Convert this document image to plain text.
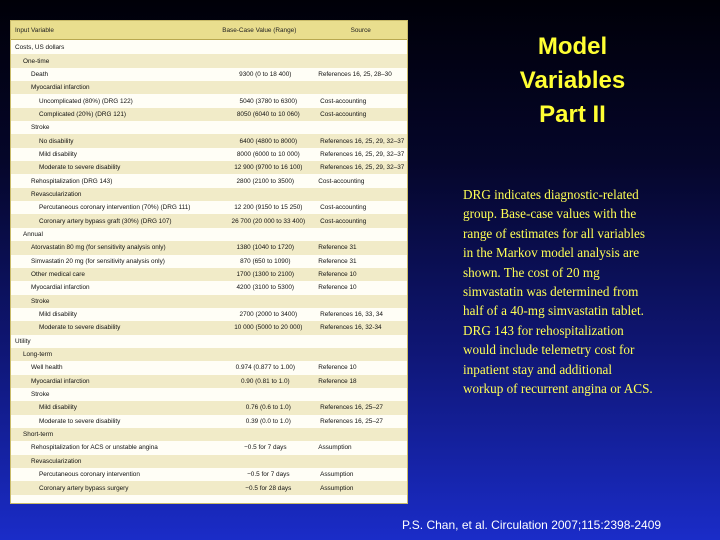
Input Variable	Base-Case Value (Range)	Source
Costs, US dollars
One-time
Death	9300 (0 to 18 400)	References 16, 25, 28–30
Myocardial infarction
Uncomplicated (80%) (DRG 122)	5040 (3780 to 6300)	Cost-accounting
Complicated (20%) (DRG 121)	8050 (6040 to 10 060)	Cost-accounting
Stroke
No disability	6400 (4800 to 8000)	References 16, 25, 29, 32–37
Mild disability	8000 (6000 to 10 000)	References 16, 25, 29, 32–37
Moderate to severe disability	12 900 (9700 to 16 100)	References 16, 25, 29, 32–37
Rehospitalization (DRG 143)	2800 (2100 to 3500)	Cost-accounting
Revascularization
Percutaneous coronary intervention (70%) (DRG 111)	12 200 (9150 to 15 250)	Cost-accounting
Coronary artery bypass graft (30%) (DRG 107)	26 700 (20 000 to 33 400)	Cost-accounting
Annual
Atorvastatin 80 mg (for sensitivity analysis only)	1380 (1040 to 1720)	Reference 31
Simvastatin 20 mg (for sensitivity analysis only)	870 (650 to 1090)	Reference 31
Other medical care	1700 (1300 to 2100)	Reference 10
Myocardial infarction	4200 (3100 to 5300)	Reference 10
Stroke
Mild disability	2700 (2000 to 3400)	References 16, 33, 34
Moderate to severe disability	10 000 (5000 to 20 000)	References 16, 32-34
Utility
Long-term
Well health	0.974 (0.877 to 1.00)	Reference 10
Myocardial infarction	0.90 (0.81 to 1.0)	Reference 18
Stroke
Mild disability	0.76 (0.6 to 1.0)	References 16, 25–27
Moderate to severe disability	0.39 (0.0 to 1.0)	References 16, 25–27
Short-term
Rehospitalization for ACS or unstable angina	−0.5 for 7 days	Assumption
Revascularization
Percutaneous coronary intervention	−0.5 for 7 days	Assumption
Coronary artery bypass surgery	−0.5 for 28 days	Assumption
Model
Variables
Part II
DRG indicates diagnostic-related
group. Base-case values with the
range of estimates for all variables
in the Markov model analysis are
shown. The cost of 20 mg
simvastatin was determined from
half of a 40-mg simvastatin tablet.
DRG 143 for rehospitalization
would include telemetry cost for
inpatient stay and additional
workup of recurrent angina or ACS.
P.S. Chan, et al. Circulation 2007;115:2398-2409
